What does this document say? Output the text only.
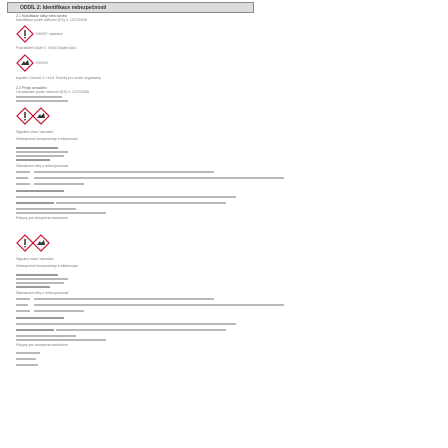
ODDÍL 2: Identifikace nebezpečnosti
2.1 Klasifikace látky nebo směsi
Klasifikace podle nařízení (ES) č. 1272/2008
GHS07 výstraha
Podráždění kůže 2, H315 Dráždí kůži.
GHS09
Aquatic Chronic 2, H411 Toxický pro vodní organismy
2.2 Prvky označení
Označování podle nařízení (ES) č. 1272/2008
Signální slovo Varování
Nebezpečné komponenty k etiketování
Standardní věty o nebezpečnosti
Pokyny pro bezpečné zacházení
Signální slovo Varování
Nebezpečné komponenty k etiketování
Standardní věty o nebezpečnosti
Pokyny pro bezpečné zacházení
